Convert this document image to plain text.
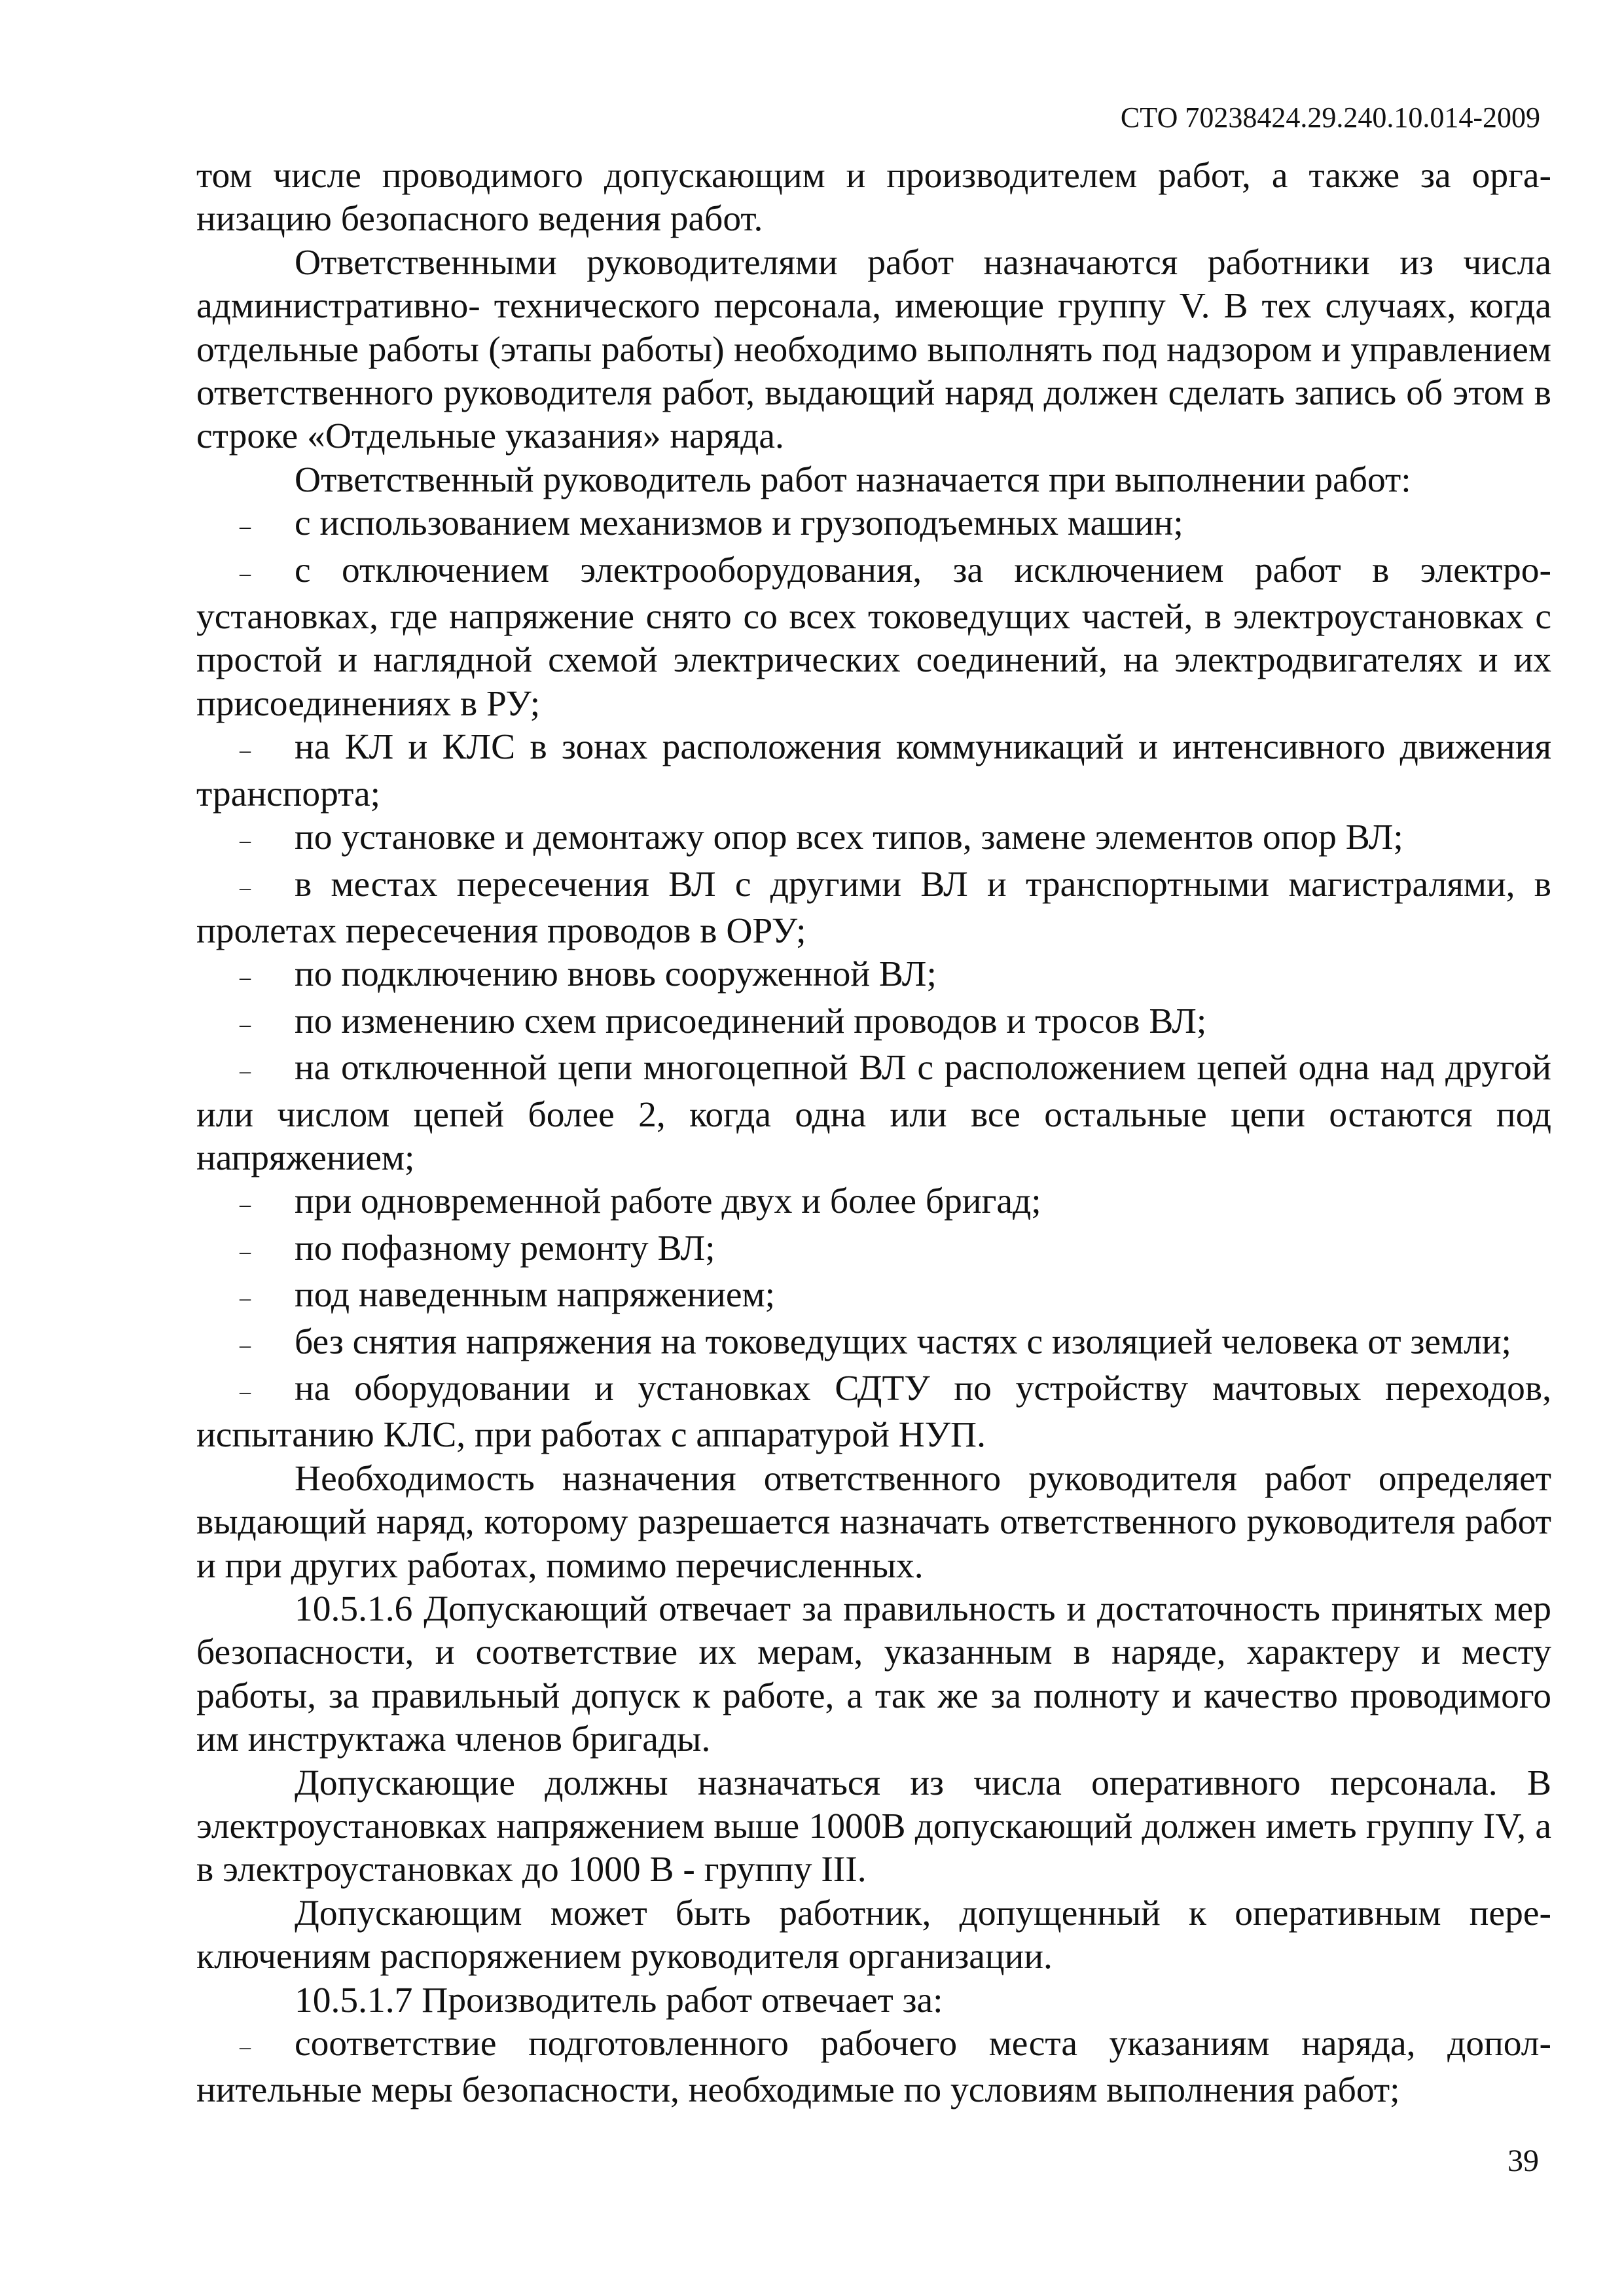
СТО 70238424.29.240.10.014-2009

том числе проводимого допускающим и производителем работ, а также за организацию безопасного ведения работ.

Ответственными руководителями работ назначаются работники из числа административно- технического персонала, имеющие группу V. В тех случаях, когда отдельные работы (этапы работы) необходимо выполнять под надзором и управлением ответственного руководителя работ, выдающий наряд должен сделать запись об этом в строке «Отдельные указания» наряда.

Ответственный руководитель работ назначается при выполнении работ:

– с использованием механизмов и грузоподъемных машин;

– с отключением электрооборудования, за исключением работ в электроустановках, где напряжение снято со всех токоведущих частей, в электроустановках с простой и наглядной схемой электрических соединений, на электродвигателях и их присоединениях в РУ;

– на КЛ и КЛС в зонах расположения коммуникаций и интенсивного движения транспорта;

– по установке и демонтажу опор всех типов, замене элементов опор ВЛ;

– в местах пересечения ВЛ с другими ВЛ и транспортными магистралями, в пролетах пересечения проводов в ОРУ;

– по подключению вновь сооруженной ВЛ;

– по изменению схем присоединений проводов и тросов ВЛ;

– на отключенной цепи многоцепной ВЛ с расположением цепей одна над другой или числом цепей более 2, когда одна или все остальные цепи остаются под напряжением;

– при одновременной работе двух и более бригад;

– по пофазному ремонту ВЛ;

– под наведенным напряжением;

– без снятия напряжения на токоведущих частях с изоляцией человека от земли;

– на оборудовании и установках СДТУ по устройству мачтовых переходов, испытанию КЛС, при работах с аппаратурой НУП.

Необходимость назначения ответственного руководителя работ определяет выдающий наряд, которому разрешается назначать ответственного руководителя работ и при других работах, помимо перечисленных.

10.5.1.6 Допускающий отвечает за правильность и достаточность принятых мер безопасности, и соответствие их мерам, указанным в наряде, характеру и месту работы, за правильный допуск к работе, а так же за полноту и качество проводимого им инструктажа членов бригады.

Допускающие должны назначаться из числа оперативного персонала. В электроустановках напряжением выше 1000В допускающий должен иметь группу IV, а в электроустановках до 1000 В - группу III.

Допускающим может быть работник, допущенный к оперативным переключениям распоряжением руководителя организации.

10.5.1.7 Производитель работ отвечает за:

– соответствие подготовленного рабочего места указаниям наряда, дополнительные меры безопасности, необходимые по условиям выполнения работ;

39
